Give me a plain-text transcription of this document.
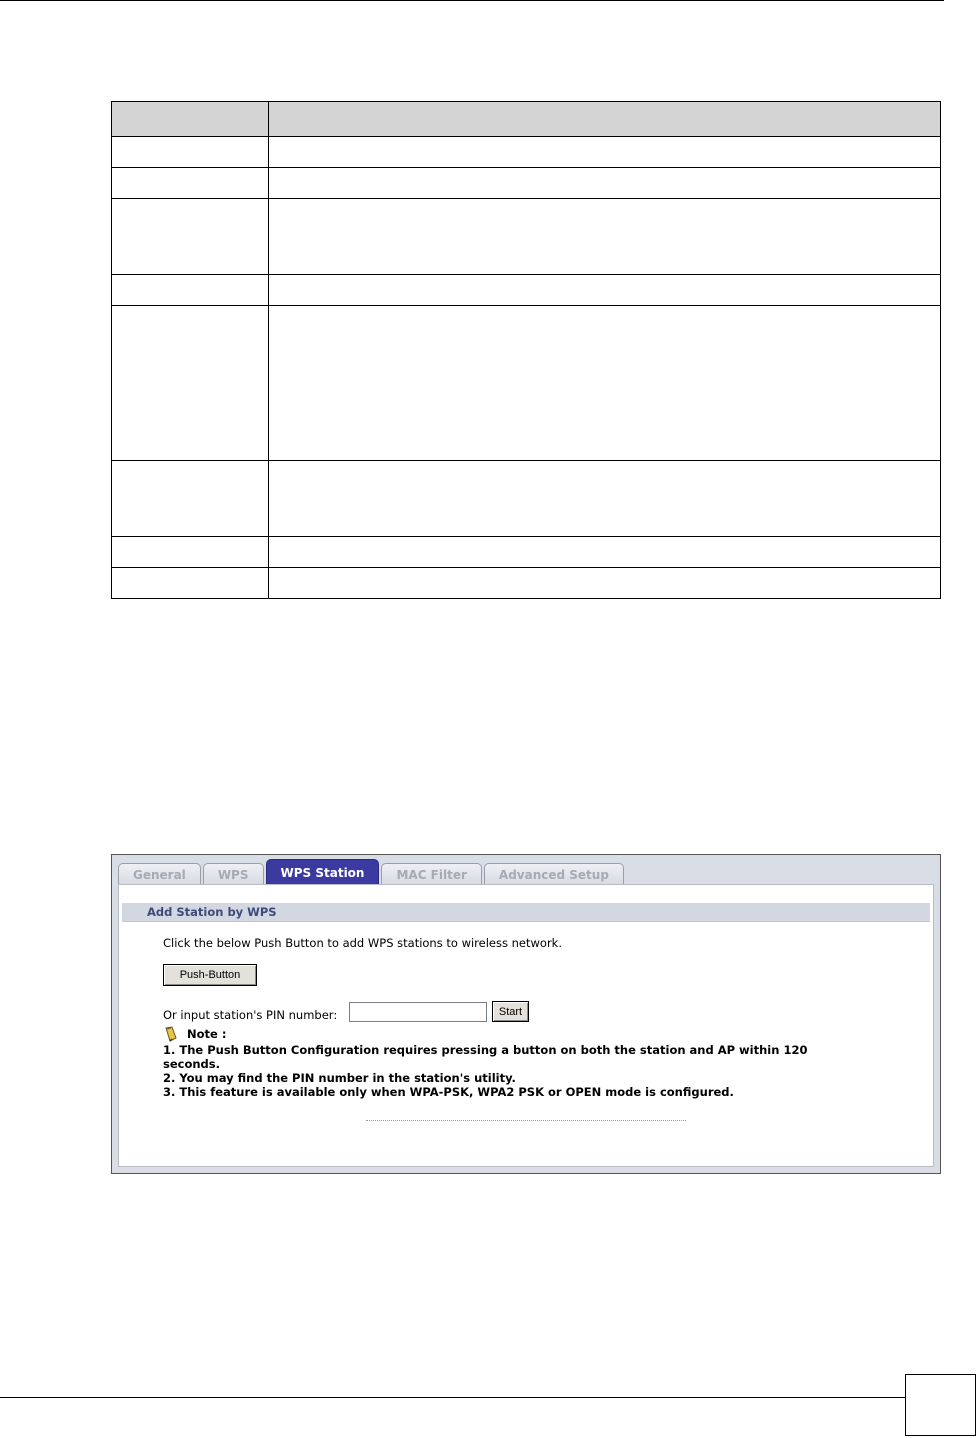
General	WPS	WPS Station	MAC Filter	Advanced Setup
Add Station by WPS
Click the below Push Button to add WPS stations to wireless network.
Push-Button
Or input station's PIN number:	Start
Note :
1. The Push Button Configuration requires pressing a button on both the station and AP within 120
seconds.
2. You may find the PIN number in the station's utility.
3. This feature is available only when WPA-PSK, WPA2 PSK or OPEN mode is configured.
